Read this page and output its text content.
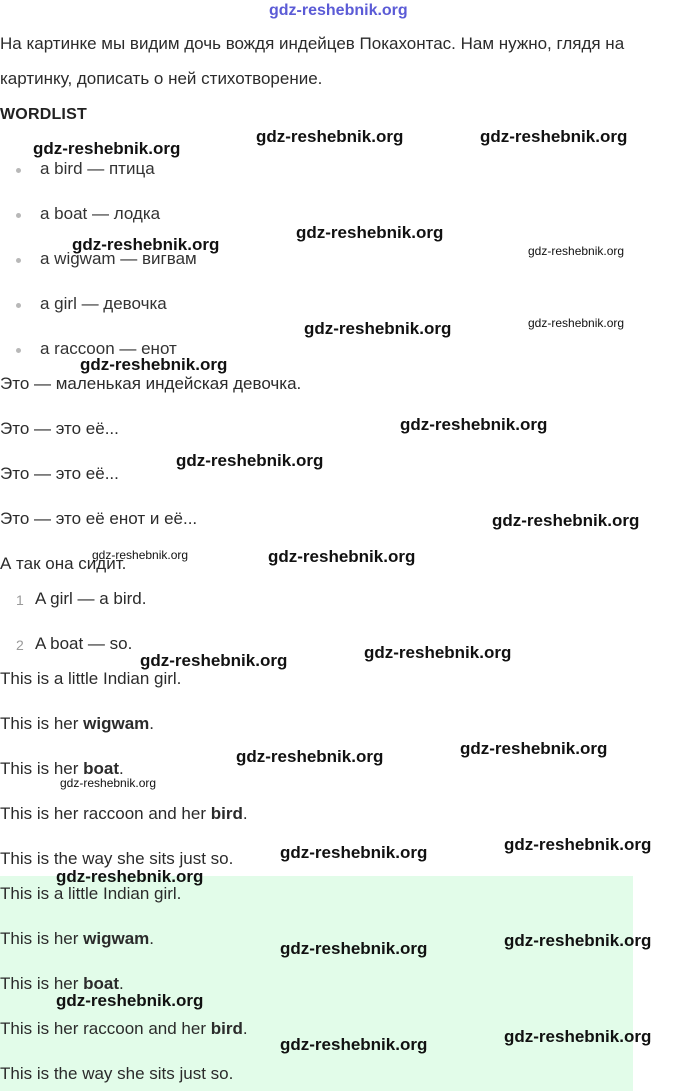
gdz-reshebnik.org
На картинке мы видим дочь вождя индейцев Покахонтас. Нам нужно, глядя на
картинку, дописать о ней стихотворение.
WORDLIST
a bird — птица
a boat — лодка
a wigwam — вигвам
a girl — девочка
a raccoon — енот
Это — маленькая индейская девочка.
Это — это её...
Это — это её...
Это — это её енот и её...
А так она сидит.
1 A girl — a bird.
2 A boat — so.
This is a little Indian girl.
This is her wigwam.
This is her boat.
This is her raccoon and her bird.
This is the way she sits just so.
This is a little Indian girl.
This is her wigwam.
This is her boat.
This is her raccoon and her bird.
This is the way she sits just so.
gdz-reshebnik.org
gdz-reshebnik.org	gdz-reshebnik.org
gdz-reshebnik.org
gdz-reshebnik.org
gdz-reshebnik.org
gdz-reshebnik.org	gdz-reshebnik.org
gdz-reshebnik.org
gdz-reshebnik.org
gdz-reshebnik.org
gdz-reshebnik.org
gdz-reshebnik.org	gdz-reshebnik.org
gdz-reshebnik.org	gdz-reshebnik.org
gdz-reshebnik.org
gdz-reshebnik.org
gdz-reshebnik.org
gdz-reshebnik.org	gdz-reshebnik.org
gdz-reshebnik.org
gdz-reshebnik.org	gdz-reshebnik.org
gdz-reshebnik.org
gdz-reshebnik.org	gdz-reshebnik.org
